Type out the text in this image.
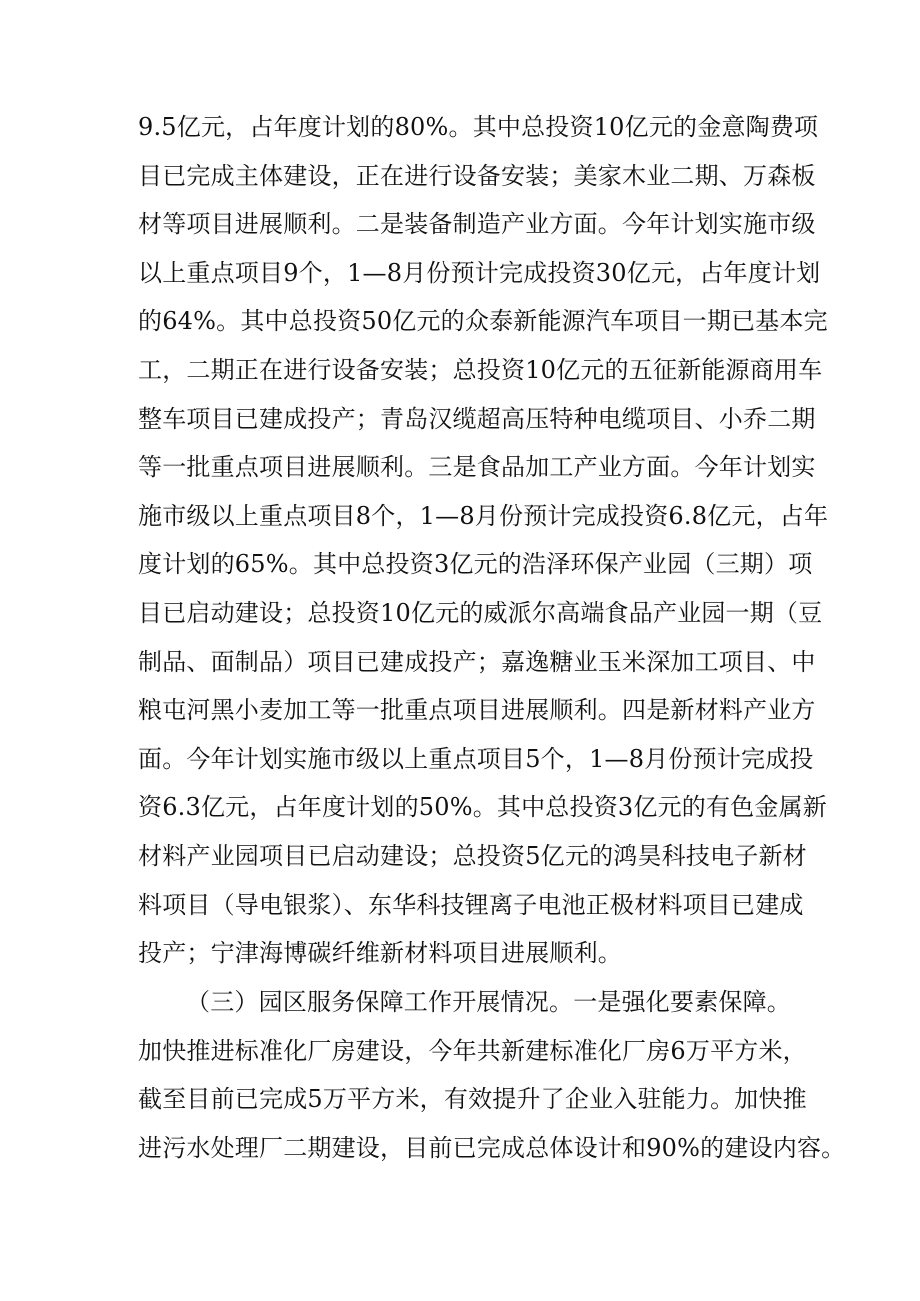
9.5亿元，占年度计划的80%。其中总投资10亿元的金意陶费项
目已完成主体建设，正在进行设备安装；美家木业二期、万森板
材等项目进展顺利。二是装备制造产业方面。今年计划实施市级
以上重点项目9个，1—8月份预计完成投资30亿元，占年度计划
的64%。其中总投资50亿元的众泰新能源汽车项目一期已基本完
工，二期正在进行设备安装；总投资10亿元的五征新能源商用车
整车项目已建成投产；青岛汉缆超高压特种电缆项目、小乔二期
等一批重点项目进展顺利。三是食品加工产业方面。今年计划实
施市级以上重点项目8个，1—8月份预计完成投资6.8亿元，占年
度计划的65%。其中总投资3亿元的浩泽环保产业园（三期）项
目已启动建设；总投资10亿元的威派尔高端食品产业园一期（豆
制品、面制品）项目已建成投产；嘉逸糖业玉米深加工项目、中
粮屯河黑小麦加工等一批重点项目进展顺利。四是新材料产业方
面。今年计划实施市级以上重点项目5个，1—8月份预计完成投
资6.3亿元，占年度计划的50%。其中总投资3亿元的有色金属新
材料产业园项目已启动建设；总投资5亿元的鸿昊科技电子新材
料项目（导电银浆）、东华科技锂离子电池正极材料项目已建成
投产；宁津海博碳纤维新材料项目进展顺利。
（三）园区服务保障工作开展情况。一是强化要素保障。
加快推进标准化厂房建设，今年共新建标准化厂房6万平方米，
截至目前已完成5万平方米，有效提升了企业入驻能力。加快推
进污水处理厂二期建设，目前已完成总体设计和90%的建设内容。
